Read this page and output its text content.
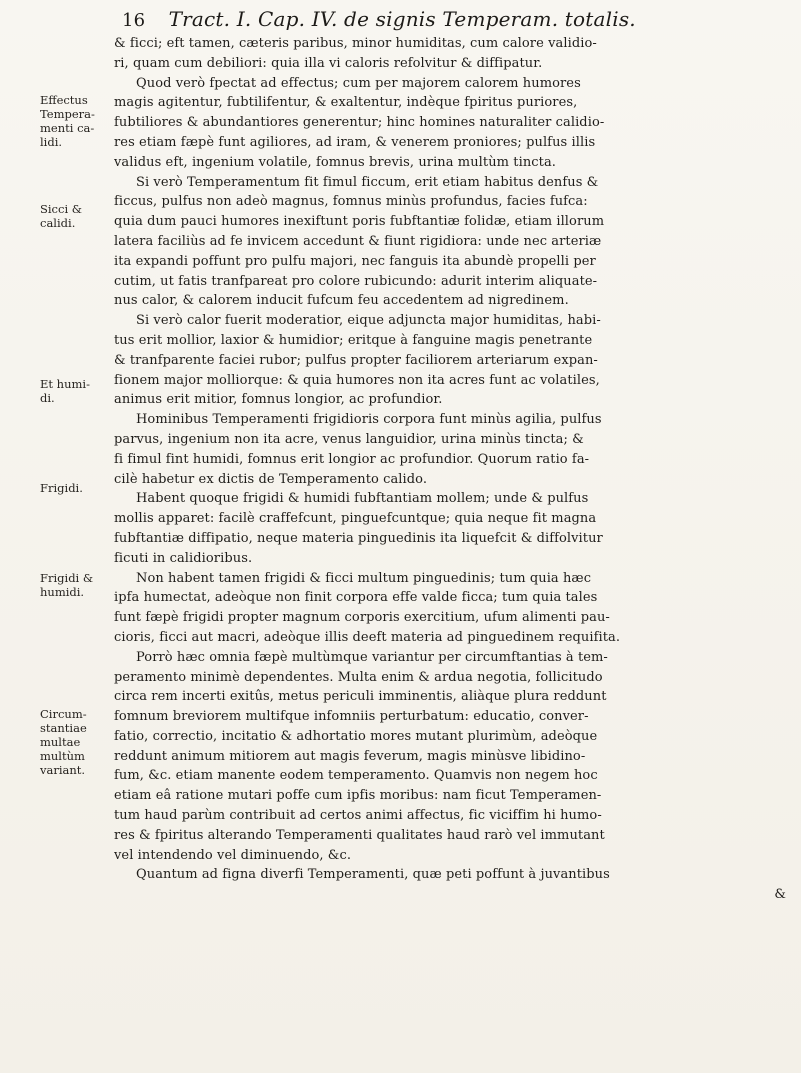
16 Tract. I. Cap. IV. de signis Temperam. totalis.
Effectus Tempera-menti ca-lidi.
Sicci & calidi.
Et humi-di.
Frigidi.
Frigidi & humidi.
Circum-stantiae multae multùm variant.
& ficci; eft tamen, cæteris paribus, minor humiditas, cum calore validio-
ri, quam cum debiliori: quia illa vi caloris refolvitur & diffipatur.
Quod verò fpectat ad effectus; cum per majorem calorem humores
magis agitentur, fubtilifentur, & exaltentur, indèque fpiritus puriores,
fubtiliores & abundantiores generentur; hinc homines naturaliter calidio-
res etiam fæpè funt agiliores, ad iram, & venerem proniores; pulfus illis
validus eft, ingenium volatile, fomnus brevis, urina multùm tincta.
Si verò Temperamentum fit fimul ficcum, erit etiam habitus denfus &
ficcus, pulfus non adeò magnus, fomnus minùs profundus, facies fufca:
quia dum pauci humores inexiftunt poris fubftantiæ folidæ, etiam illorum
latera faciliùs ad fe invicem accedunt & fiunt rigidiora: unde nec arteriæ
ita expandi poffunt pro pulfu majori, nec fanguis ita abundè propelli per
cutim, ut fatis tranfpareat pro colore rubicundo: adurit interim aliquate-
nus calor, & calorem inducit fufcum feu accedentem ad nigredinem.
Si verò calor fuerit moderatior, eique adjuncta major humiditas, habi-
tus erit mollior, laxior & humidior; eritque à fanguine magis penetrante
& tranfparente faciei rubor; pulfus propter faciliorem arteriarum expan-
fionem major molliorque: & quia humores non ita acres funt ac volatiles,
animus erit mitior, fomnus longior, ac profundior.
Hominibus Temperamenti frigidioris corpora funt minùs agilia, pulfus
parvus, ingenium non ita acre, venus languidior, urina minùs tincta; &
fi fimul fint humidi, fomnus erit longior ac profundior. Quorum ratio fa-
cilè habetur ex dictis de Temperamento calido.
Habent quoque frigidi & humidi fubftantiam mollem; unde & pulfus
mollis apparet: facilè craffefcunt, pinguefcuntque; quia neque fit magna
fubftantiæ diffipatio, neque materia pinguedinis ita liquefcit & diffolvitur
ficuti in calidioribus.
Non habent tamen frigidi & ficci multum pinguedinis; tum quia hæc
ipfa humectat, adeòque non finit corpora effe valde ficca; tum quia tales
funt fæpè frigidi propter magnum corporis exercitium, ufum alimenti pau-
cioris, ficci aut macri, adeòque illis deeft materia ad pinguedinem requifita.
Porrò hæc omnia fæpè multùmque variantur per circumftantias à tem-
peramento minimè dependentes. Multa enim & ardua negotia, follicitudo
circa rem incerti exitûs, metus periculi imminentis, aliàque plura reddunt
fomnum breviorem multifque infomniis perturbatum: educatio, conver-
fatio, correctio, incitatio & adhortatio mores mutant plurimùm, adeòque
reddunt animum mitiorem aut magis feverum, magis minùsve libidino-
fum, &c. etiam manente eodem temperamento. Quamvis non negem hoc
etiam eâ ratione mutari poffe cum ipfis moribus: nam ficut Temperamen-
tum haud parùm contribuit ad certos animi affectus, fic viciffim hi humo-
res & fpiritus alterando Temperamenti qualitates haud rarò vel immutant
vel intendendo vel diminuendo, &c.
Quantum ad figna diverfi Temperamenti, quæ peti poffunt à juvantibus
&
